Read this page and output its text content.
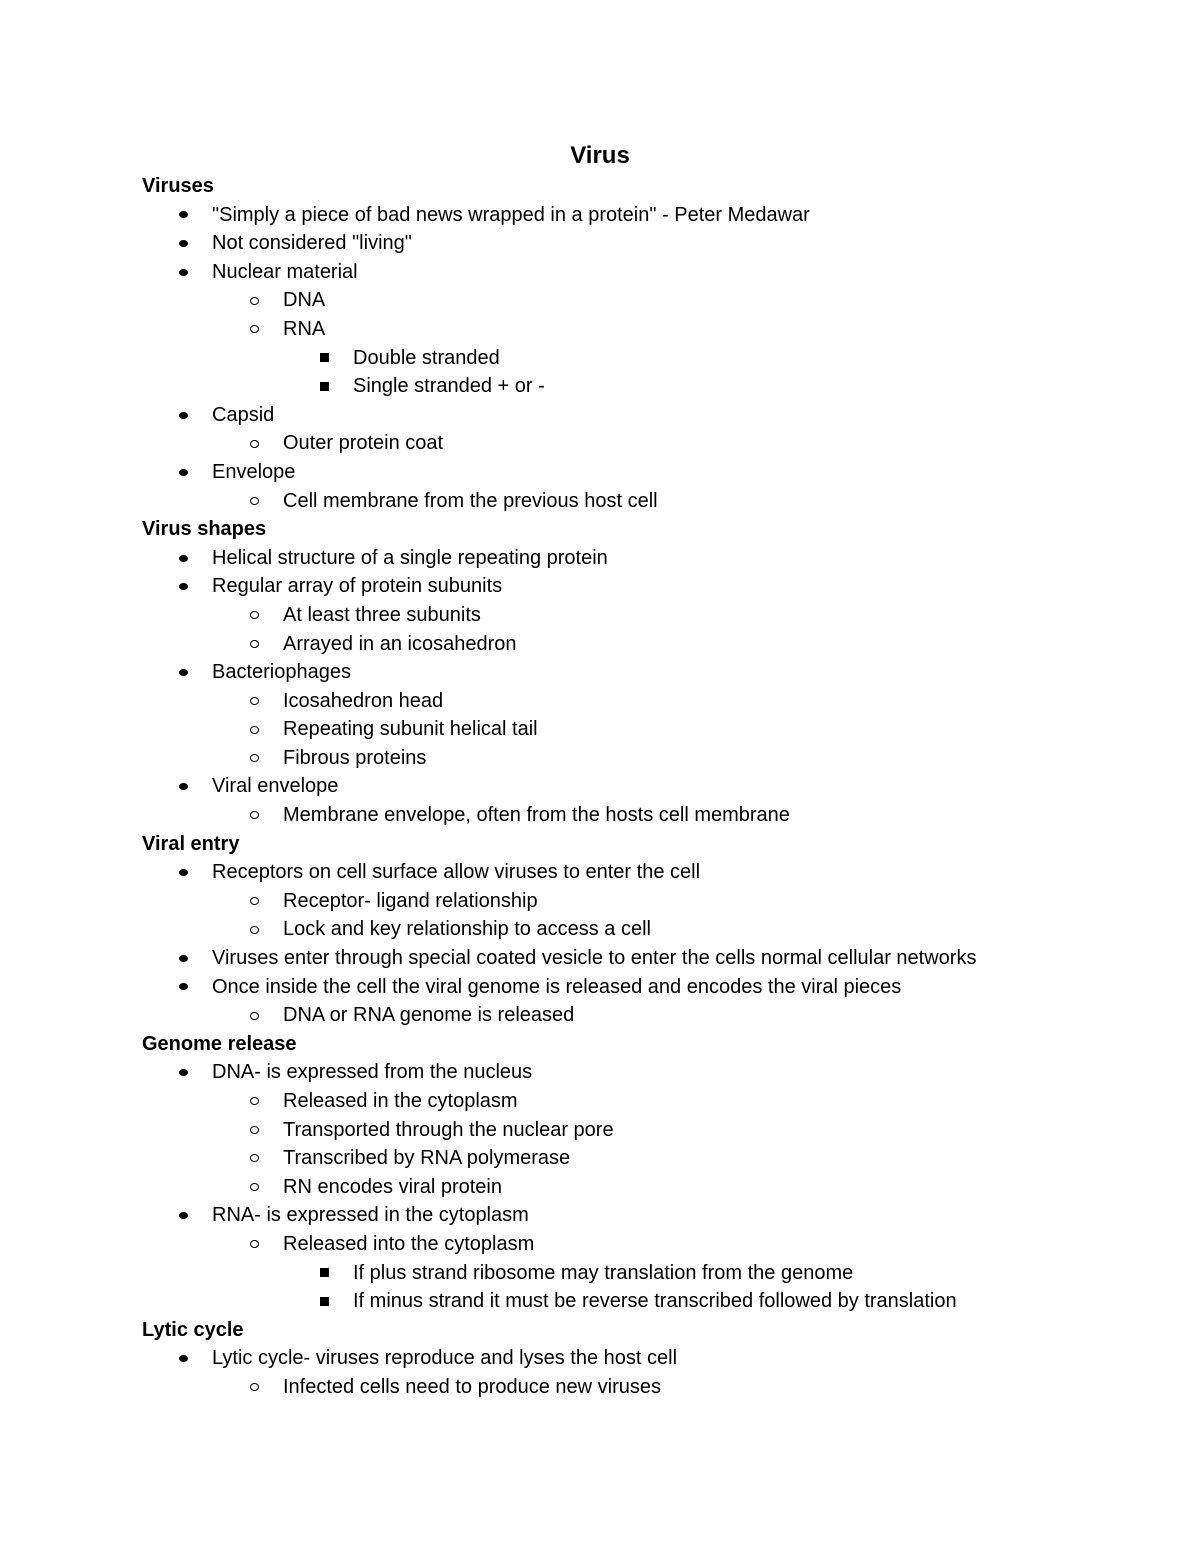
Virus
Viruses
"Simply a piece of bad news wrapped in a protein" - Peter Medawar
Not considered "living"
Nuclear material
DNA
RNA
Double stranded
Single stranded + or -
Capsid
Outer protein coat
Envelope
Cell membrane from the previous host cell
Virus shapes
Helical structure of a single repeating protein
Regular array of protein subunits
At least three subunits
Arrayed in an icosahedron
Bacteriophages
Icosahedron head
Repeating subunit helical tail
Fibrous proteins
Viral envelope
Membrane envelope, often from the hosts cell membrane
Viral entry
Receptors on cell surface allow viruses to enter the cell
Receptor- ligand relationship
Lock and key relationship to access a cell
Viruses enter through special coated vesicle to enter the cells normal cellular networks
Once inside the cell the viral genome is released and encodes the viral pieces
DNA or RNA genome is released
Genome release
DNA- is expressed from the nucleus
Released in the cytoplasm
Transported through the nuclear pore
Transcribed by RNA polymerase
RN encodes viral protein
RNA- is expressed in the cytoplasm
Released into the cytoplasm
If plus strand ribosome may translation from the genome
If minus strand it must be reverse transcribed followed by translation
Lytic cycle
Lytic cycle- viruses reproduce and lyses the host cell
Infected cells need to produce new viruses
